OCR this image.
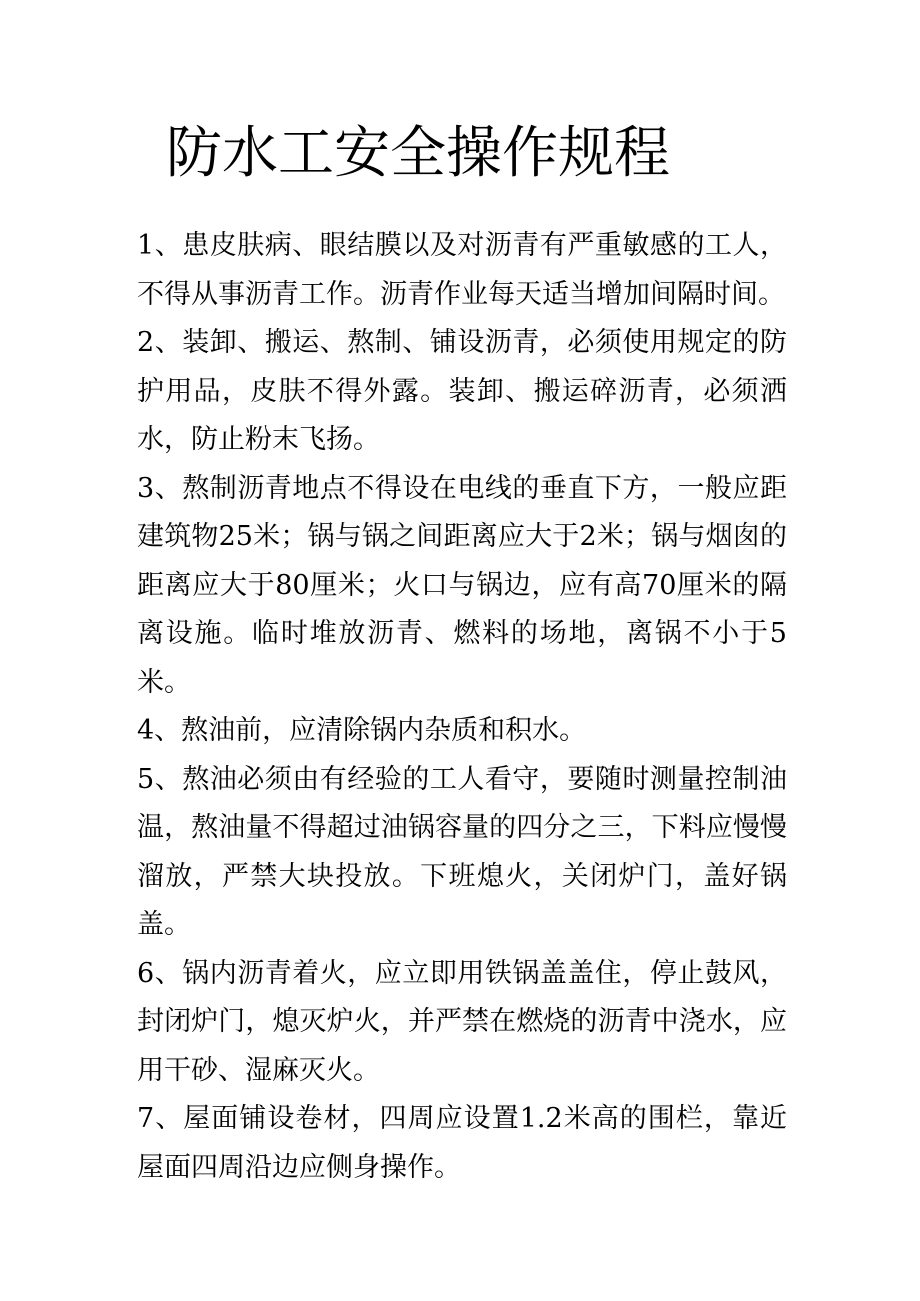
防水工安全操作规程

1、患皮肤病、眼结膜以及对沥青有严重敏感的工人，不得从事沥青工作。沥青作业每天适当增加间隔时间。

2、装卸、搬运、熬制、铺设沥青，必须使用规定的防护用品，皮肤不得外露。装卸、搬运碎沥青，必须洒水，防止粉末飞扬。

3、熬制沥青地点不得设在电线的垂直下方，一般应距建筑物25米；锅与锅之间距离应大于2米；锅与烟囱的距离应大于80厘米；火口与锅边，应有高70厘米的隔离设施。临时堆放沥青、燃料的场地，离锅不小于5米。

4、熬油前，应清除锅内杂质和积水。

5、熬油必须由有经验的工人看守，要随时测量控制油温，熬油量不得超过油锅容量的四分之三，下料应慢慢溜放，严禁大块投放。下班熄火，关闭炉门，盖好锅盖。

6、锅内沥青着火，应立即用铁锅盖盖住，停止鼓风，封闭炉门，熄灭炉火，并严禁在燃烧的沥青中浇水，应用干砂、湿麻灭火。

7、屋面铺设卷材，四周应设置1.2米高的围栏，靠近屋面四周沿边应侧身操作。
